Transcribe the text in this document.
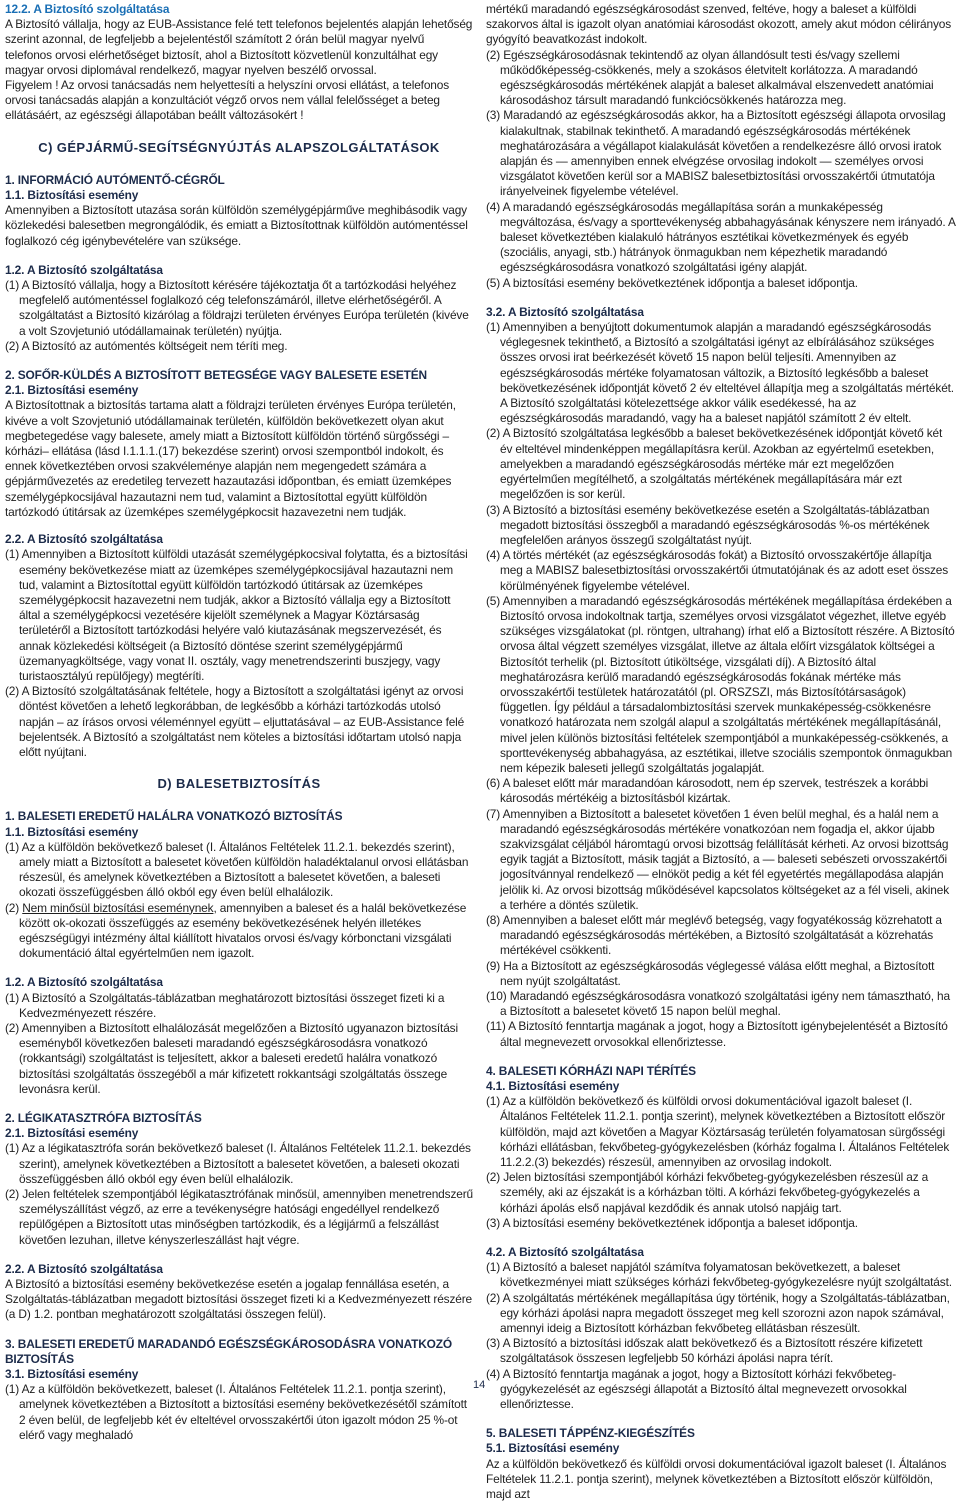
12.2. A Biztosító szolgáltatása

A Biztosító vállalja, hogy az EUB-Assistance felé tett telefonos bejelentés alapján lehetőség szerint azonnal, de legfeljebb a bejelentéstől számított 2 órán belül magyar nyelvű telefonos orvosi elérhetőséget biztosít, ahol a Biztosított közvetlenül konzultálhat egy magyar orvosi diplomával rendelkező, magyar nyelven beszélő orvossal.

Figyelem ! Az orvosi tanácsadás nem helyettesíti a helyszíni orvosi ellátást, a telefonos orvosi tanácsadás alapján a konzultációt végző orvos nem vállal felelősséget a beteg ellátásáért, az egészségi állapotában beállt változásokért !

C) GÉPJÁRMŰ-SEGÍTSÉGNYÚJTÁS ALAPSZOLGÁLTATÁSOK
1. INFORMÁCIÓ AUTÓMENTŐ-CÉGRŐL
1.1. Biztosítási esemény

Amennyiben a Biztosított utazása során külföldön személygépjárműve meghibásodik vagy közlekedési balesetben megrongálódik, és emiatt a Biztosítottnak külföldön autómentéssel foglalkozó cég igénybevételére van szüksége.

1.2. A Biztosító szolgáltatása

(1) A Biztosító vállalja, hogy a Biztosított kérésére tájékoztatja őt a tartózkodási helyéhez megfelelő autómentéssel foglalkozó cég telefonszámáról, illetve elérhetőségéről. A szolgáltatást a Biztosító kizárólag a földrajzi területen érvényes Európa területén (kivéve a volt Szovjetunió utódállamainak területén) nyújtja.

(2) A Biztosító az autómentés költségeit nem téríti meg.

2. SOFŐR-KÜLDÉS A BIZTOSÍTOTT BETEGSÉGE VAGY BALESETE ESETÉN
2.1. Biztosítási esemény

A Biztosítottnak a biztosítás tartama alatt a földrajzi területen érvényes Európa területén, kivéve a volt Szovjetunió utódállamainak területén, külföldön bekövetkezett olyan akut megbetegedése vagy balesete, amely miatt a Biztosított külföldön történő sürgősségi –kórházi– ellátása (lásd I.1.1.1.(17) bekezdése szerint) orvosi szempontból indokolt, és ennek következtében orvosi szakvéleménye alapján nem megengedett számára a gépjárművezetés az eredetileg tervezett hazautazási időpontban, és emiatt üzemképes személygépkocsijával hazautazni nem tud, valamint a Biztosítottal együtt külföldön tartózkodó útitársak az üzemképes személygépkocsit hazavezetni nem tudják.

2.2. A Biztosító szolgáltatása

(1) Amennyiben a Biztosított külföldi utazását személygépkocsival folytatta, és a biztosítási esemény bekövetkezése miatt az üzemképes személygépkocsijával hazautazni nem tud, valamint a Biztosítottal együtt külföldön tartózkodó útitársak az üzemképes személygépkocsit hazavezetni nem tudják, akkor a Biztosító vállalja egy a Biztosított által a személygépkocsi vezetésére kijelölt személynek a Magyar Köztársaság területéről a Biztosított tartózkodási helyére való kiutazásának megszervezését, és annak közlekedési költségeit (a Biztosító döntése szerint személygépjármű üzemanyagköltsége, vagy vonat II. osztály, vagy menetrendszerinti buszjegy, vagy turistaosztályú repülőjegy) megtéríti.

(2) A Biztosító szolgáltatásának feltétele, hogy a Biztosított a szolgáltatási igényt az orvosi döntést követően a lehető legkorábban, de legkésőbb a kórházi tartózkodás utolsó napján – az írásos orvosi véleménnyel együtt – eljuttatásával – az EUB-Assistance felé bejelentsék. A Biztosító a szolgáltatást nem köteles a biztosítási időtartam utolsó napja előtt nyújtani.

D) BALESETBIZTOSÍTÁS
1. BALESETI EREDETŰ HALÁLRA VONATKOZÓ BIZTOSÍTÁS
1.1. Biztosítási esemény

(1) Az a külföldön bekövetkező baleset (I. Általános Feltételek 11.2.1. bekezdés szerint), amely miatt a Biztosított a balesetet követően külföldön haladéktalanul orvosi ellátásban részesül, és amelynek következtében a Biztosított a balesetet követően, a baleseti okozati összefüggésben álló okból egy éven belül elhalálozik.

(2) Nem minősül biztosítási eseménynek, amennyiben a baleset és a halál bekövetkezése között ok-okozati összefüggés az esemény bekövetkezésének helyén illetékes egészségügyi intézmény által kiállított hivatalos orvosi és/vagy kórbonctani vizsgálati dokumentáció által egyértelműen nem igazolt.

1.2. A Biztosító szolgáltatása

(1) A Biztosító a Szolgáltatás-táblázatban meghatározott biztosítási összeget fizeti ki a Kedvezményezett részére.

(2) Amennyiben a Biztosított elhalálozását megelőzően a Biztosító ugyanazon biztosítási eseményből következően baleseti maradandó egészségkárosodásra vonatkozó (rokkantsági) szolgáltatást is teljesített, akkor a baleseti eredetű halálra vonatkozó biztosítási szolgáltatás összegéből a már kifizetett rokkantsági szolgáltatás összege levonásra kerül.

2. LÉGIKATASZTRÓFA BIZTOSÍTÁS
2.1. Biztosítási esemény

(1) Az a légikatasztrófa során bekövetkező baleset (I. Általános Feltételek 11.2.1. bekezdés szerint), amelynek következtében a Biztosított a balesetet követően, a baleseti okozati összefüggésben álló okból egy éven belül elhalálozik.

(2) Jelen feltételek szempontjából légikatasztrófának minősül, amennyiben menetrendszerű személyszállítást végző, az erre a tevékenységre hatósági engedéllyel rendelkező repülőgépen a Biztosított utas minőségben tartózkodik, és a légijármű a felszállást követően lezuhan, illetve kényszerleszállást hajt végre.

2.2. A Biztosító szolgáltatása

A Biztosító a biztosítási esemény bekövetkezése esetén a jogalap fennállása esetén, a Szolgáltatás-táblázatban megadott biztosítási összeget fizeti ki a Kedvezményezett részére (a D) 1.2. pontban meghatározott szolgáltatási összegen felül).

3. BALESETI EREDETŰ MARADANDÓ EGÉSZSÉGKÁROSODÁSRA VONATKOZÓ BIZTOSÍTÁS
3.1. Biztosítási esemény

(1) Az a külföldön bekövetkezett, baleset (I. Általános Feltételek 11.2.1. pontja szerint), amelynek következtében a Biztosított a biztosítási esemény bekövetkezésétől számított 2 éven belül, de legfeljebb két év elteltével orvosszakértői úton igazolt módon 25 %-ot elérő vagy meghaladó

mértékű maradandó egészségkárosodást szenved, feltéve, hogy a baleset a külföldi szakorvos által is igazolt olyan anatómiai károsodást okozott, amely akut módon célirányos gyógyító beavatkozást indokolt.

(2) Egészségkárosodásnak tekintendő az olyan állandósult testi és/vagy szellemi működőképesség-csökkenés, mely a szokásos életvitelt korlátozza. A maradandó egészségkárosodás mértékének alapját a baleset alkalmával elszenvedett anatómiai károsodáshoz társult maradandó funkciócsökkenés határozza meg.

(3) Maradandó az egészségkárosodás akkor, ha a Biztosított egészségi állapota orvosilag kialakultnak, stabilnak tekinthető. A maradandó egészségkárosodás mértékének meghatározására a végállapot kialakulását követően a rendelkezésre álló orvosi iratok alapján és — amennyiben ennek elvégzése orvosilag indokolt — személyes orvosi vizsgálatot követően kerül sor a MABISZ balesetbiztosítási orvosszakértői útmutatója irányelveinek figyelembe vételével.

(4) A maradandó egészségkárosodás megállapítása során a munkaképesség megváltozása, és/vagy a sporttevékenység abbahagyásának kényszere nem irányadó. A baleset következtében kialakuló hátrányos esztétikai következmények és egyéb (szociális, anyagi, stb.) hátrányok önmagukban nem képezhetik maradandó egészségkárosodásra vonatkozó szolgáltatási igény alapját.

(5) A biztosítási esemény bekövetkeztének időpontja a baleset időpontja.

3.2. A Biztosító szolgáltatása

(1) Amennyiben a benyújtott dokumentumok alapján a maradandó egészségkárosodás véglegesnek tekinthető, a Biztosító a szolgáltatási igényt az elbírálásához szükséges összes orvosi irat beérkezését követő 15 napon belül teljesíti. Amennyiben az egészségkárosodás mértéke folyamatosan változik, a Biztosító legkésőbb a baleset bekövetkezésének időpontját követő 2 év elteltével állapítja meg a szolgáltatás mértékét. A Biztosító szolgáltatási kötelezettsége akkor válik esedékessé, ha az egészségkárosodás maradandó, vagy ha a baleset napjától számított 2 év eltelt.

(2) A Biztosító szolgáltatása legkésőbb a baleset bekövetkezésének időpontját követő két év elteltével mindenképpen megállapításra kerül. Azokban az egyértelmű esetekben, amelyekben a maradandó egészségkárosodás mértéke már ezt megelőzően egyértelműen megítélhető, a szolgáltatás mértékének megállapítására már ezt megelőzően is sor kerül.

(3) A Biztosító a biztosítási esemény bekövetkezése esetén a Szolgáltatás-táblázatban megadott biztosítási összegből a maradandó egészségkárosodás %-os mértékének megfelelően arányos összegű szolgáltatást nyújt.

(4) A törtés mértékét (az egészségkárosodás fokát) a Biztosító orvosszakértője állapítja meg a MABISZ balesetbiztosítási orvosszakértői útmutatójának és az adott eset összes körülményének figyelembe vételével.

(5) Amennyiben a maradandó egészségkárosodás mértékének megállapítása érdekében a Biztosító orvosa indokoltnak tartja, személyes orvosi vizsgálatot végezhet, illetve egyéb szükséges vizsgálatokat (pl. röntgen, ultrahang) írhat elő a Biztosított részére. A Biztosító orvosa által végzett személyes vizsgálat, illetve az általa előírt vizsgálatok költségei a Biztosítót terhelik (pl. Biztosított útiköltsége, vizsgálati díj). A Biztosító által meghatározásra kerülő maradandó egészségkárosodás fokának mértéke más orvosszakértői testületek határozatától (pl. ORSZSZI, más Biztosítótársaságok) független. Így például a társadalombiztosítási szervek munkaképesség-csökkenésre vonatkozó határozata nem szolgál alapul a szolgáltatás mértékének megállapításánál, mivel jelen különös biztosítási feltételek szempontjából a munkaképesség-csökkenés, a sporttevékenység abbahagyása, az esztétikai, illetve szociális szempontok önmagukban nem képezik baleseti jellegű szolgáltatás jogalapját.

(6) A baleset előtt már maradandóan károsodott, nem ép szervek, testrészek a korábbi károsodás mértékéig a biztosításból kizártak.

(7) Amennyiben a Biztosított a balesetet követően 1 éven belül meghal, és a halál nem a maradandó egészségkárosodás mértékére vonatkozóan nem fogadja el, akkor újabb szakvizsgálat céljából háromtagú orvosi bizottság felállítását kérheti. Az orvosi bizottság egyik tagját a Biztosított, másik tagját a Biztosító, a — baleseti sebészeti orvosszakértői jogosítvánnyal rendelkező — elnököt pedig a két fél egyetértés megállapodása alapján jelölik ki. Az orvosi bizottság működésével kapcsolatos költségeket az a fél viseli, akinek a terhére a döntés születik.

(8) Amennyiben a baleset előtt már meglévő betegség, vagy fogyatékosság közrehatott a maradandó egészségkárosodás mértékében, a Biztosító szolgáltatását a közrehatás mértékével csökkenti.

(9) Ha a Biztosított az egészségkárosodás véglegessé válása előtt meghal, a Biztosított nem nyújt szolgáltatást.

(10) Maradandó egészségkárosodásra vonatkozó szolgáltatási igény nem támasztható, ha a Biztosított a balesetet követő 15 napon belül meghal.

(11) A Biztosító fenntartja magának a jogot, hogy a Biztosított igénybejelentését a Biztosító által megnevezett orvosokkal ellenőriztesse.

4. BALESETI KÓRHÁZI NAPI TÉRÍTÉS
4.1. Biztosítási esemény

(1) Az a külföldön bekövetkező és külföldi orvosi dokumentációval igazolt baleset (I. Általános Feltételek 11.2.1. pontja szerint), melynek következtében a Biztosított először külföldön, majd azt követően a Magyar Köztársaság területén folyamatosan sürgősségi kórházi ellátásban, fekvőbeteg-gyógykezelésben (kórház fogalma I. Általános Feltételek 11.2.2.(3) bekezdés) részesül, amennyiben az orvosilag indokolt.

(2) Jelen biztosítási szempontjából kórházi fekvőbeteg-gyógykezelésben részesül az a személy, aki az éjszakát is a kórházban tölti. A kórházi fekvőbeteg-gyógykezelés a kórházi ápolás első napjával kezdődik és annak utolsó napjáig tart.

(3) A biztosítási esemény bekövetkeztének időpontja a baleset időpontja.

4.2. A Biztosító szolgáltatása

(1) A Biztosító a baleset napjától számítva folyamatosan bekövetkezett, a baleset következményei miatt szükséges kórházi fekvőbeteg-gyógykezelésre nyújt szolgáltatást.

(2) A szolgáltatás mértékének megállapítása úgy történik, hogy a Szolgáltatás-táblázatban, egy kórházi ápolási napra megadott összeget meg kell szorozni azon napok számával, amennyi ideig a Biztosított kórházban fekvőbeteg ellátásban részesült.

(3) A Biztosító a biztosítási időszak alatt bekövetkező és a Biztosított részére kifizetett szolgáltatások összesen legfeljebb 50 kórházi ápolási napra térít.

(4) A Biztosító fenntartja magának a jogot, hogy a Biztosított kórházi fekvőbeteg-gyógykezelését az egészségi állapotát a Biztosító által megnevezett orvosokkal ellenőriztesse.

5. BALESETI TÁPPÉNZ-KIEGÉSZÍTÉS
5.1. Biztosítási esemény

Az a külföldön bekövetkező és külföldi orvosi dokumentációval igazolt baleset (I. Általános Feltételek 11.2.1. pontja szerint), melynek következtében a Biztosított először külföldön, majd azt

14
